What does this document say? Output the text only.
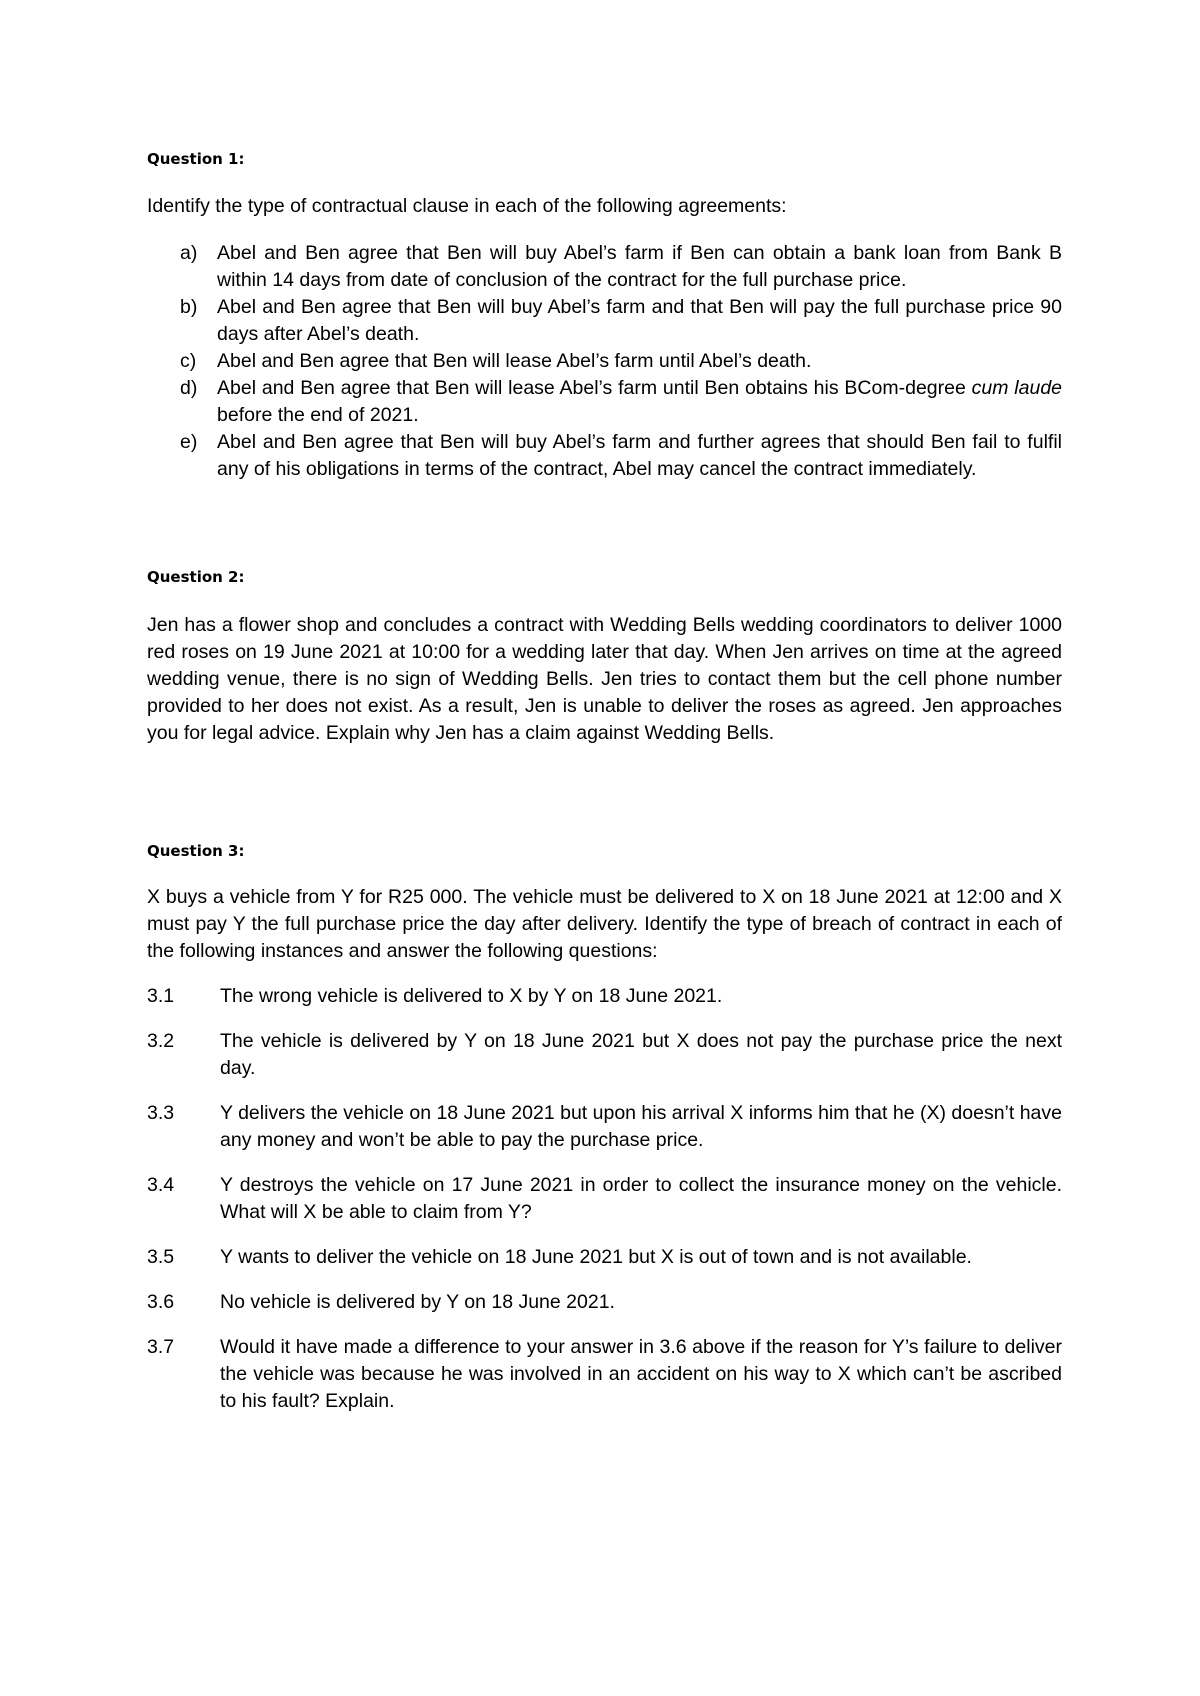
Question 1:

Identify the type of contractual clause in each of the following agreements:

a) Abel and Ben agree that Ben will buy Abel’s farm if Ben can obtain a bank loan from Bank B within 14 days from date of conclusion of the contract for the full purchase price.
b) Abel and Ben agree that Ben will buy Abel’s farm and that Ben will pay the full purchase price 90 days after Abel’s death.
c) Abel and Ben agree that Ben will lease Abel’s farm until Abel’s death.
d) Abel and Ben agree that Ben will lease Abel’s farm until Ben obtains his BCom-degree cum laude before the end of 2021.
e) Abel and Ben agree that Ben will buy Abel’s farm and further agrees that should Ben fail to fulfil any of his obligations in terms of the contract, Abel may cancel the contract immediately.
Question 2:

Jen has a flower shop and concludes a contract with Wedding Bells wedding coordinators to deliver 1000 red roses on 19 June 2021 at 10:00 for a wedding later that day. When Jen arrives on time at the agreed wedding venue, there is no sign of Wedding Bells. Jen tries to contact them but the cell phone number provided to her does not exist. As a result, Jen is unable to deliver the roses as agreed. Jen approaches you for legal advice. Explain why Jen has a claim against Wedding Bells.

Question 3:

X buys a vehicle from Y for R25 000. The vehicle must be delivered to X on 18 June 2021 at 12:00 and X must pay Y the full purchase price the day after delivery. Identify the type of breach of contract in each of the following instances and answer the following questions:

3.1 The wrong vehicle is delivered to X by Y on 18 June 2021.
3.2 The vehicle is delivered by Y on 18 June 2021 but X does not pay the purchase price the next day.
3.3 Y delivers the vehicle on 18 June 2021 but upon his arrival X informs him that he (X) doesn’t have any money and won’t be able to pay the purchase price.
3.4 Y destroys the vehicle on 17 June 2021 in order to collect the insurance money on the vehicle. What will X be able to claim from Y?
3.5 Y wants to deliver the vehicle on 18 June 2021 but X is out of town and is not available.
3.6 No vehicle is delivered by Y on 18 June 2021.
3.7 Would it have made a difference to your answer in 3.6 above if the reason for Y’s failure to deliver the vehicle was because he was involved in an accident on his way to X which can’t be ascribed to his fault? Explain.
